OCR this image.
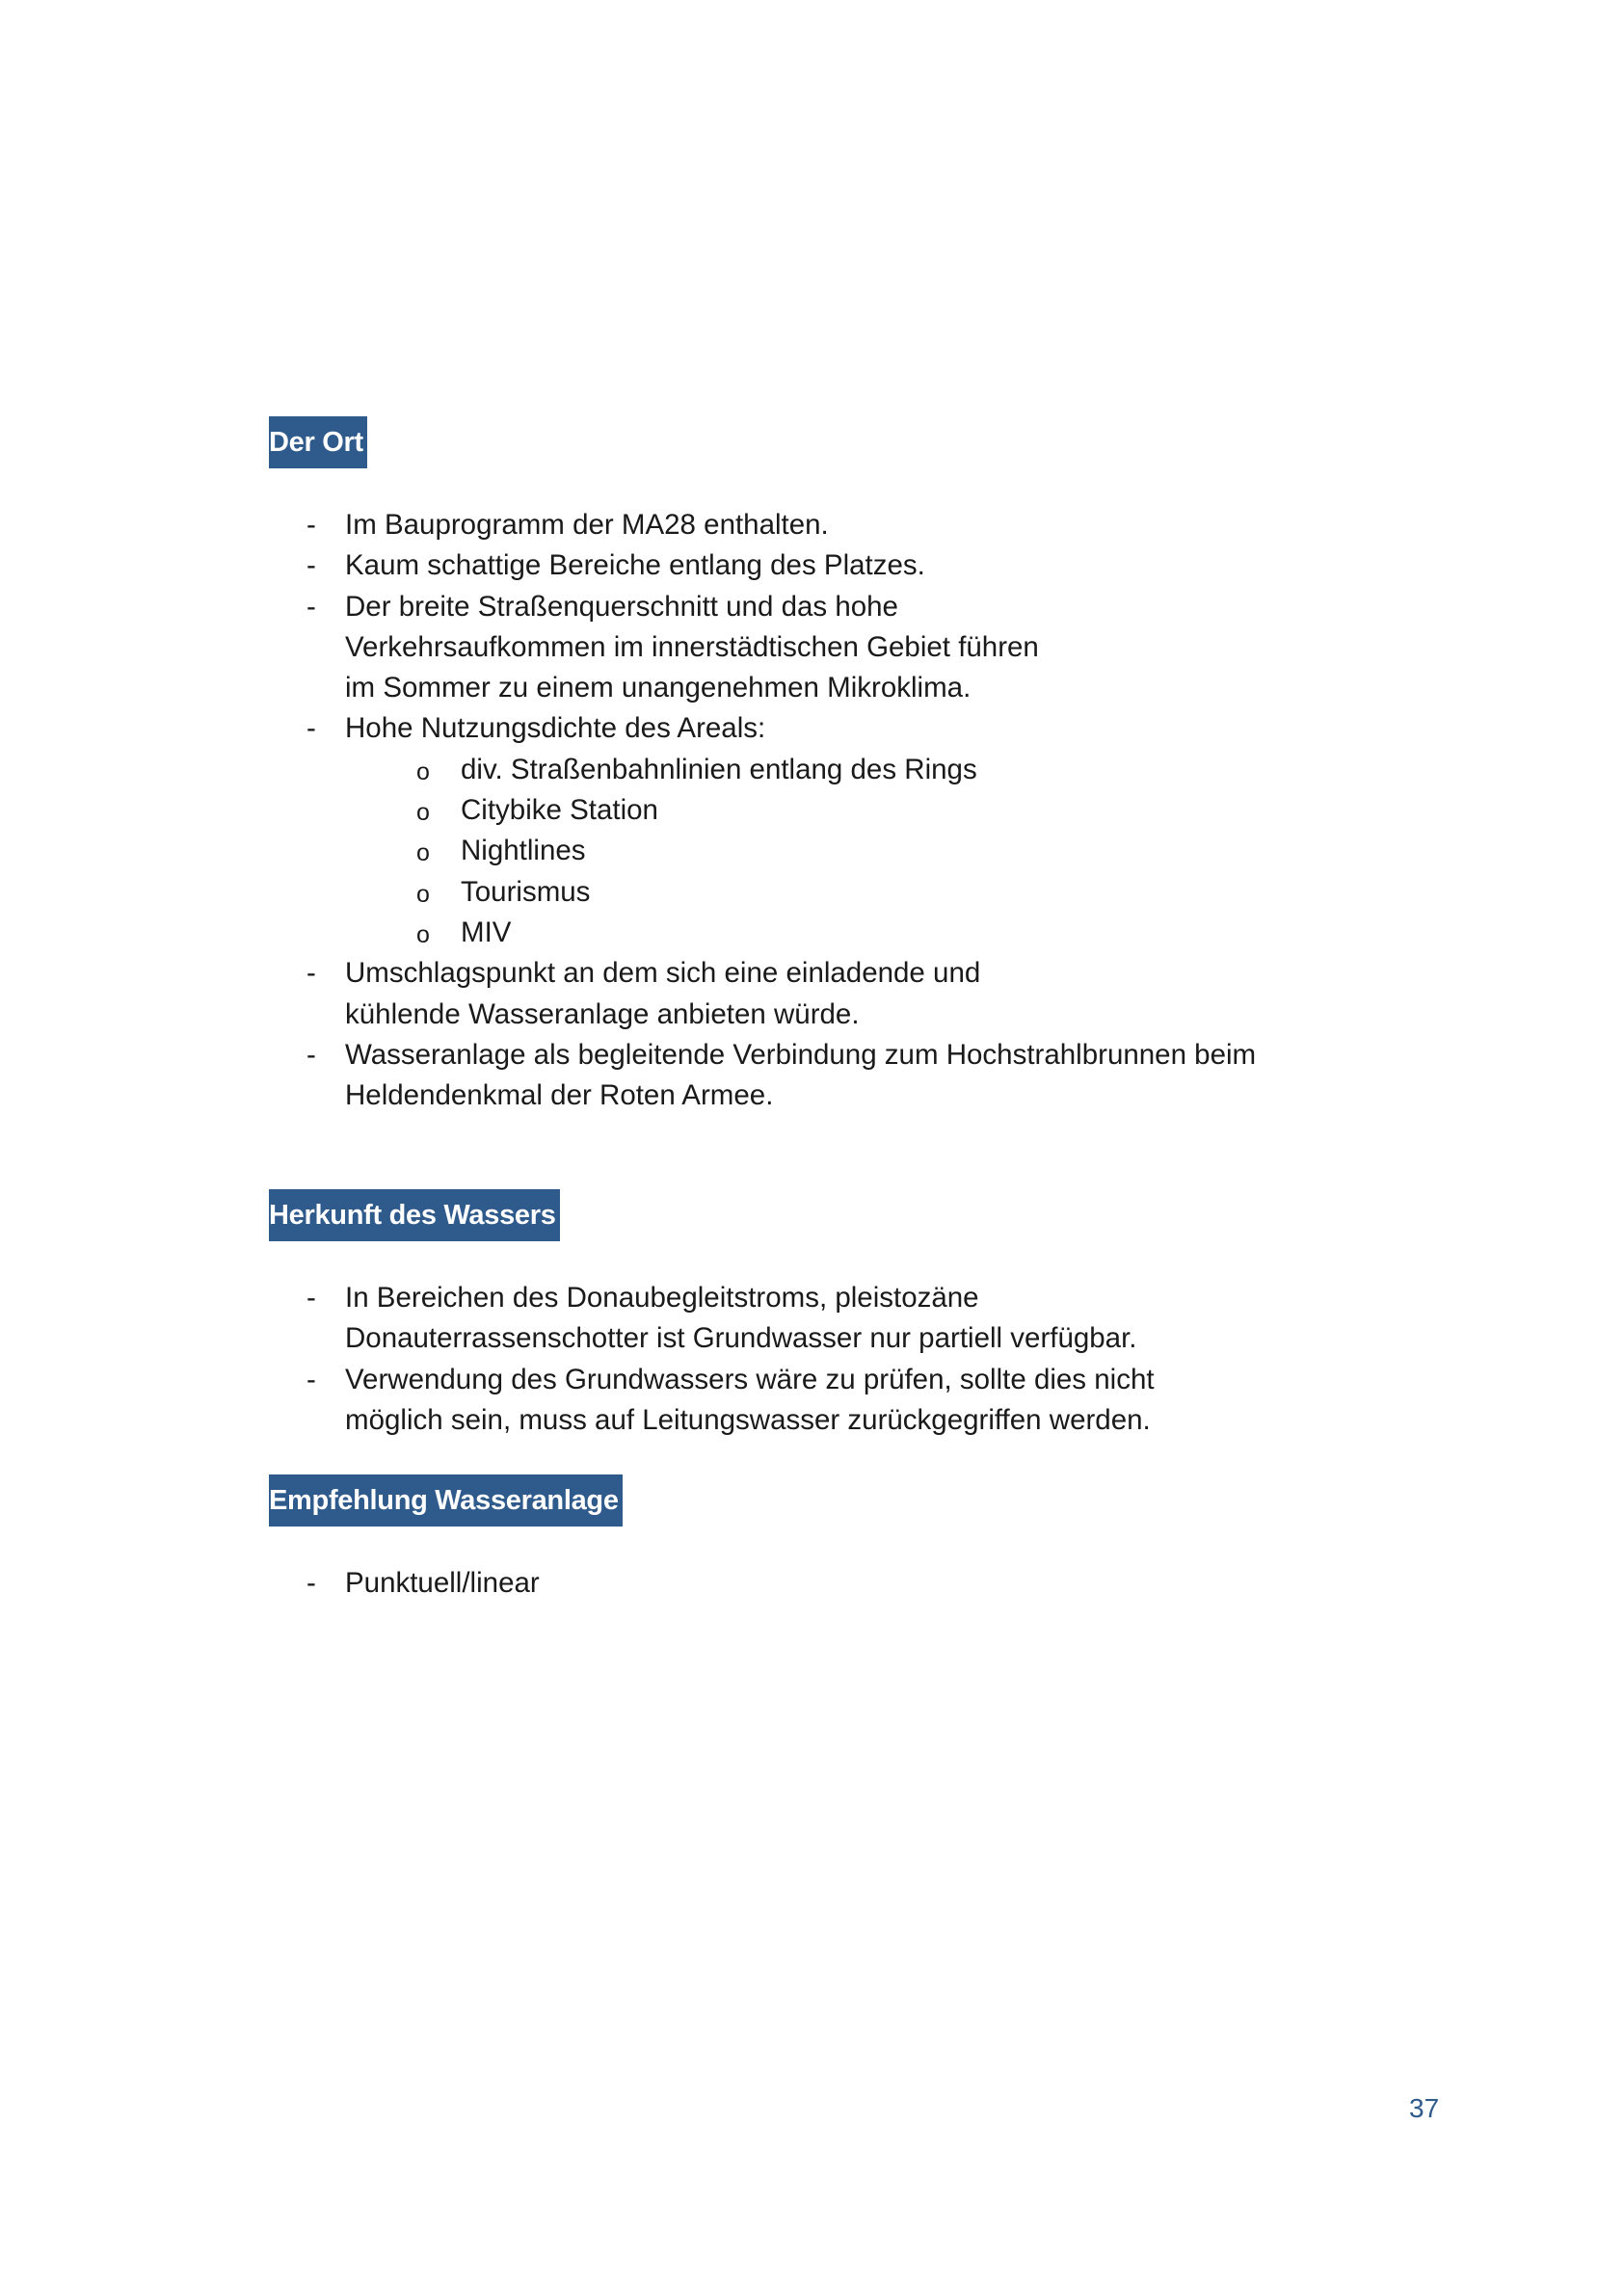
Der Ort
- Im Bauprogramm der MA28 enthalten.
- Kaum schattige Bereiche entlang des Platzes.
- Der breite Straßenquerschnitt und das hohe
Verkehrsaufkommen im innerstädtischen Gebiet führen
im Sommer zu einem unangenehmen Mikroklima.
- Hohe Nutzungsdichte des Areals:
o div. Straßenbahnlinien entlang des Rings
o Citybike Station
o Nightlines
o Tourismus
o MIV
- Umschlagspunkt an dem sich eine einladende und
kühlende Wasseranlage anbieten würde.
- Wasseranlage als begleitende Verbindung zum Hochstrahlbrunnen beim
Heldendenkmal der Roten Armee.
Herkunft des Wassers
- In Bereichen des Donaubegleitstroms, pleistozäne
Donauterrassenschotter ist Grundwasser nur partiell verfügbar.
- Verwendung des Grundwassers wäre zu prüfen, sollte dies nicht
möglich sein, muss auf Leitungswasser zurückgegriffen werden.
Empfehlung Wasseranlage
- Punktuell/linear
37
